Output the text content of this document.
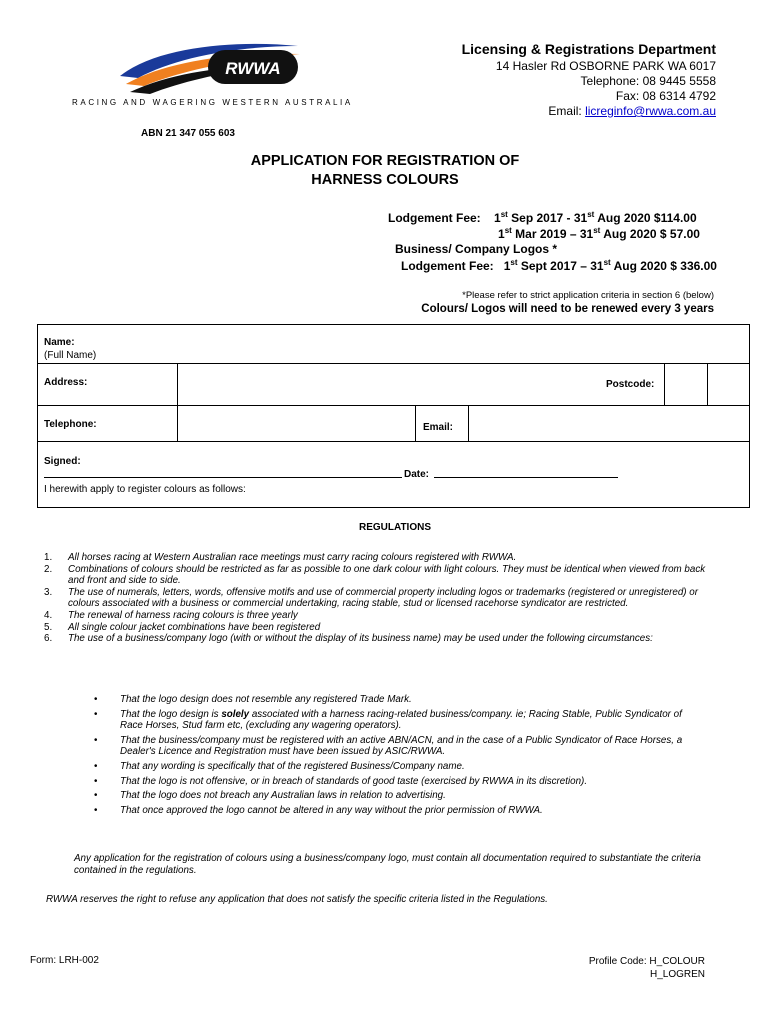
RWWA
RACING AND WAGERING WESTERN AUSTRALIA
ABN 21 347 055 603
Licensing & Registrations Department
14 Hasler Rd OSBORNE PARK WA 6017
Telephone: 08 9445 5558
Fax: 08 6314 4792
Email: licreginfo@rwwa.com.au
APPLICATION FOR REGISTRATION OF
HARNESS COLOURS
Lodgement Fee: 1st Sep 2017 - 31st Aug 2020 $114.00
1st Mar 2019 – 31st Aug 2020 $ 57.00
Business/ Company Logos *
Lodgement Fee: 1st Sept 2017 – 31st Aug 2020 $ 336.00
*Please refer to strict application criteria in section 6 (below)
Colours/ Logos will need to be renewed every 3 years
Name:
(Full Name)
Address:	Postcode:
Telephone:	Email:
Signed:
Date:
I herewith apply to register colours as follows:
REGULATIONS
1.	All horses racing at Western Australian race meetings must carry racing colours registered with RWWA.
2.	Combinations of colours should be restricted as far as possible to one dark colour with light colours. They must be identical when viewed from back and front and side to side.
3.	The use of numerals, letters, words, offensive motifs and use of commercial property including logos or trademarks (registered or unregistered) or colours associated with a business or commercial undertaking, racing stable, stud or licensed racehorse syndicator are restricted.
4.	The renewal of harness racing colours is three yearly
5.	All single colour jacket combinations have been registered
6.	The use of a business/company logo (with or without the display of its business name) may be used under the following circumstances:
•	That the logo design does not resemble any registered Trade Mark.
•	That the logo design is solely associated with a harness racing-related business/company. ie; Racing Stable, Public Syndicator of Race Horses, Stud farm etc, (excluding any wagering operators).
•	That the business/company must be registered with an active ABN/ACN, and in the case of a Public Syndicator of Race Horses, a Dealer's Licence and Registration must have been issued by ASIC/RWWA.
•	That any wording is specifically that of the registered Business/Company name.
•	That the logo is not offensive, or in breach of standards of good taste (exercised by RWWA in its discretion).
•	That the logo does not breach any Australian laws in relation to advertising.
•	That once approved the logo cannot be altered in any way without the prior permission of RWWA.
Any application for the registration of colours using a business/company logo, must contain all documentation required to substantiate the criteria contained in the regulations.
RWWA reserves the right to refuse any application that does not satisfy the specific criteria listed in the Regulations.
Form: LRH-002	Profile Code: H_COLOUR
H_LOGREN
